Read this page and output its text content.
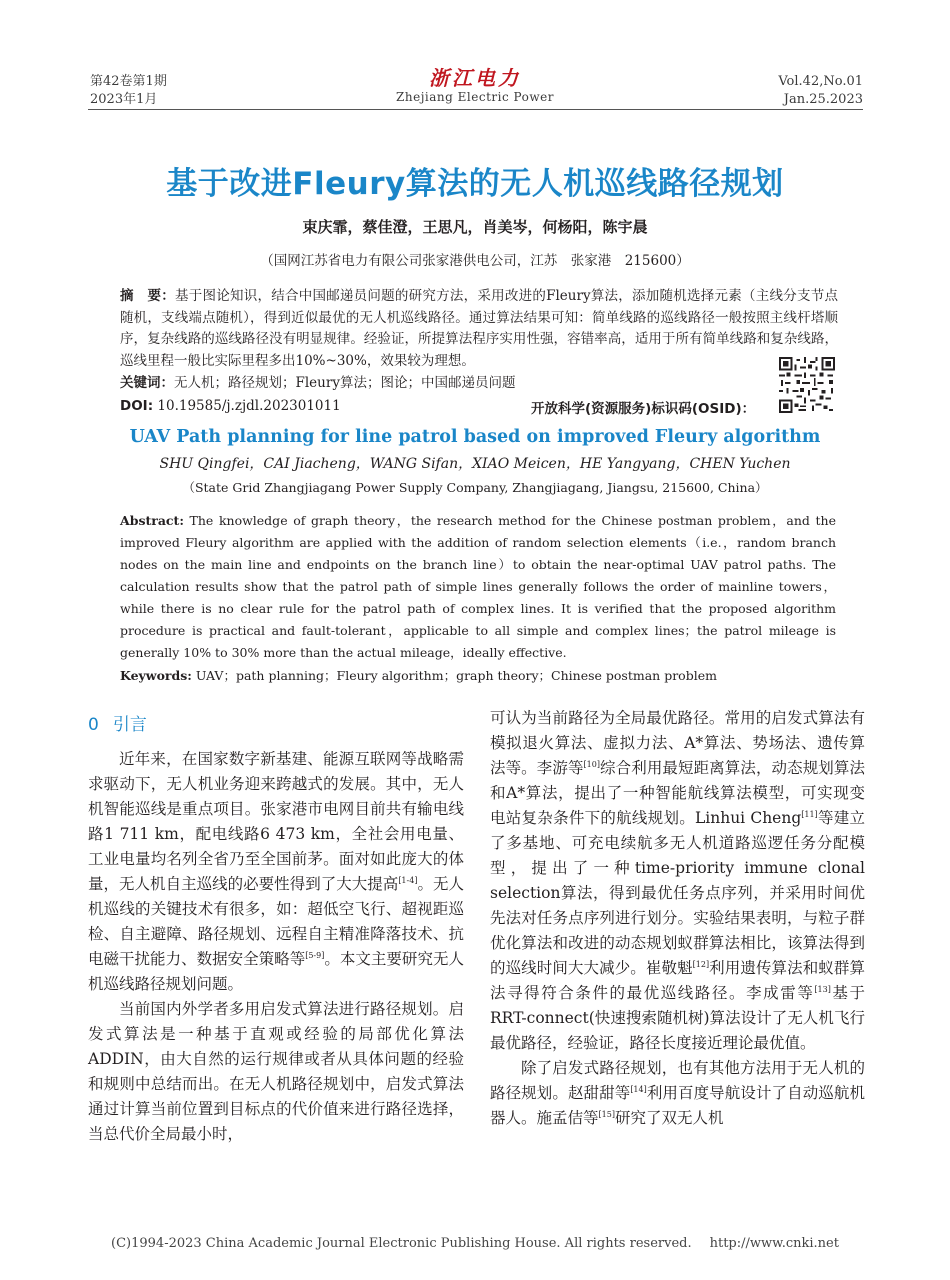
第42卷第1期
2023年1月
浙江电力
Zhejiang Electric Power
Vol.42,No.01
Jan.25.2023
基于改进Fleury算法的无人机巡线路径规划
束庆霏，蔡佳澄，王思凡，肖美岑，何杨阳，陈宇晨
（国网江苏省电力有限公司张家港供电公司，江苏　张家港　215600）
摘　要：基于图论知识，结合中国邮递员问题的研究方法，采用改进的Fleury算法，添加随机选择元素（主线分支节点随机，支线端点随机），得到近似最优的无人机巡线路径。通过算法结果可知：简单线路的巡线路径一般按照主线杆塔顺序，复杂线路的巡线路径没有明显规律。经验证，所提算法程序实用性强，容错率高，适用于所有简单线路和复杂线路，巡线里程一般比实际里程多出10%~30%，效果较为理想。
关键词：无人机；路径规划；Fleury算法；图论；中国邮递员问题
DOI: 10.19585/j.zjdl.202301011	开放科学(资源服务)标识码(OSID)：
UAV Path planning for line patrol based on improved Fleury algorithm
SHU Qingfei，CAI Jiacheng，WANG Sifan，XIAO Meicen，HE Yangyang，CHEN Yuchen
（State Grid Zhangjiagang Power Supply Company, Zhangjiagang, Jiangsu, 215600, China）
Abstract: The knowledge of graph theory，the research method for the Chinese postman problem，and the improved Fleury algorithm are applied with the addition of random selection elements（i.e.，random branch nodes on the main line and endpoints on the branch line）to obtain the near-optimal UAV patrol paths. The calculation results show that the patrol path of simple lines generally follows the order of mainline towers，while there is no clear rule for the patrol path of complex lines. It is verified that the proposed algorithm procedure is practical and fault-tolerant，applicable to all simple and complex lines；the patrol mileage is generally 10% to 30% more than the actual mileage，ideally effective.
Keywords: UAV；path planning；Fleury algorithm；graph theory；Chinese postman problem
0 引言

近年来，在国家数字新基建、能源互联网等战略需求驱动下，无人机业务迎来跨越式的发展。其中，无人机智能巡线是重点项目。张家港市电网目前共有输电线路1 711 km，配电线路6 473 km，全社会用电量、工业电量均名列全省乃至全国前茅。面对如此庞大的体量，无人机自主巡线的必要性得到了大大提高[1-4]。无人机巡线的关键技术有很多，如：超低空飞行、超视距巡检、自主避障、路径规划、远程自主精准降落技术、抗电磁干扰能力、数据安全策略等[5-9]。本文主要研究无人机巡线路径规划问题。

当前国内外学者多用启发式算法进行路径规划。启发式算法是一种基于直观或经验的局部优化算法ADDIN，由大自然的运行规律或者从具体问题的经验和规则中总结而出。在无人机路径规划中，启发式算法通过计算当前位置到目标点的代价值来进行路径选择，当总代价全局最小时，

可认为当前路径为全局最优路径。常用的启发式算法有模拟退火算法、虚拟力法、A*算法、势场法、遗传算法等。李游等[10]综合利用最短距离算法，动态规划算法和A*算法，提出了一种智能航线算法模型，可实现变电站复杂条件下的航线规划。Linhui Cheng[11]等建立了多基地、可充电续航多无人机道路巡逻任务分配模型，提出了一种time-priority immune clonal selection算法，得到最优任务点序列，并采用时间优先法对任务点序列进行划分。实验结果表明，与粒子群优化算法和改进的动态规划蚁群算法相比，该算法得到的巡线时间大大减少。崔敬魁[12]利用遗传算法和蚁群算法寻得符合条件的最优巡线路径。李成雷等[13]基于RRT-connect(快速搜索随机树)算法设计了无人机飞行最优路径，经验证，路径长度接近理论最优值。

除了启发式路径规划，也有其他方法用于无人机的路径规划。赵甜甜等[14]利用百度导航设计了自动巡航机器人。施孟佶等[15]研究了双无人机

(C)1994-2023 China Academic Journal Electronic Publishing House. All rights reserved. http://www.cnki.net
